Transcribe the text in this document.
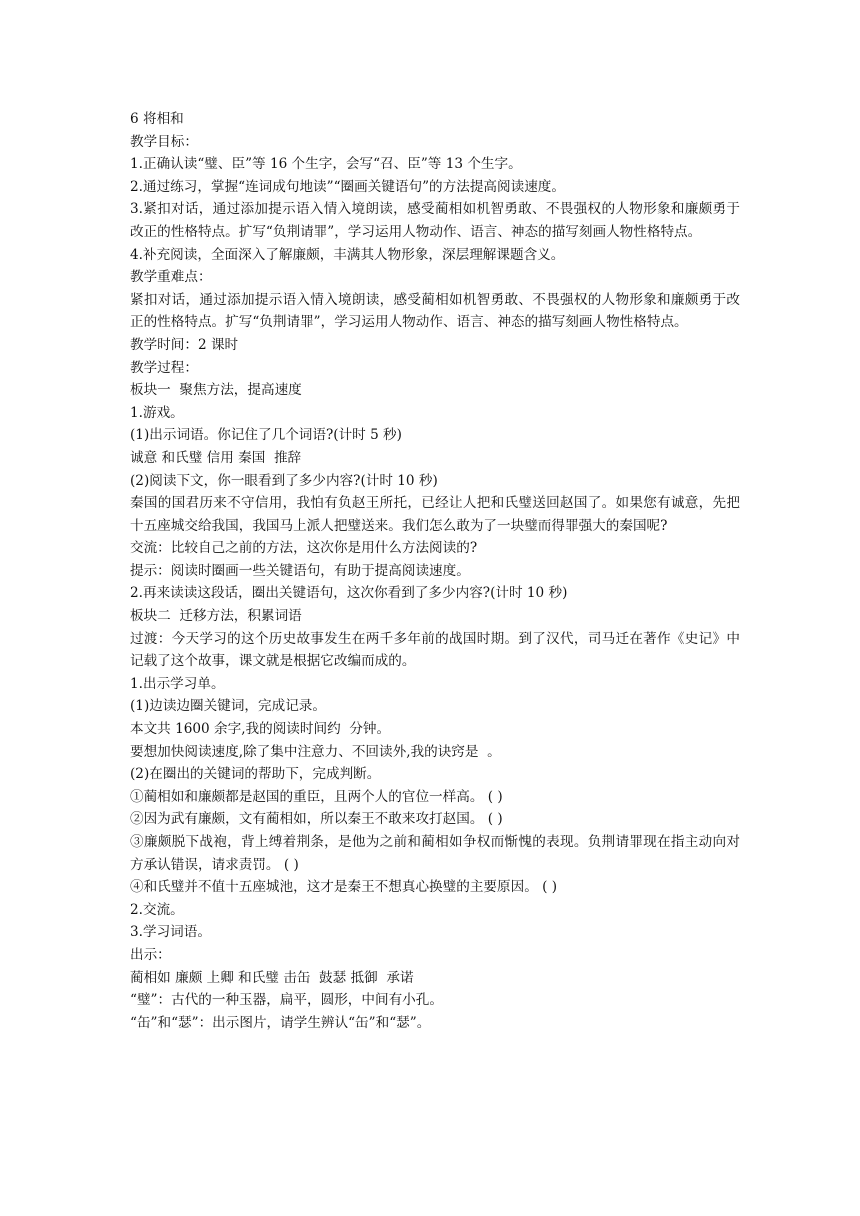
6 将相和
教学目标：
1.正确认读“璧、臣”等 16 个生字，会写“召、臣”等 13 个生字。
2.通过练习，掌握“连词成句地读”“圈画关键语句”的方法提高阅读速度。
3.紧扣对话，通过添加提示语入情入境朗读，感受蔺相如机智勇敢、不畏强权的人物形象和廉颇勇于改正的性格特点。扩写“负荆请罪”，学习运用人物动作、语言、神态的描写刻画人物性格特点。
4.补充阅读，全面深入了解廉颇，丰满其人物形象，深层理解课题含义。
教学重难点：
紧扣对话，通过添加提示语入情入境朗读，感受蔺相如机智勇敢、不畏强权的人物形象和廉颇勇于改正的性格特点。扩写“负荆请罪”，学习运用人物动作、语言、神态的描写刻画人物性格特点。
教学时间：2 课时
教学过程：
板块一  聚焦方法，提高速度
1.游戏。
(1)出示词语。你记住了几个词语?(计时 5 秒)
诚意 和氏璧 信用 秦国  推辞
(2)阅读下文，你一眼看到了多少内容?(计时 10 秒)
秦国的国君历来不守信用，我怕有负赵王所托，已经让人把和氏璧送回赵国了。如果您有诚意，先把十五座城交给我国，我国马上派人把璧送来。我们怎么敢为了一块璧而得罪强大的秦国呢?
交流：比较自己之前的方法，这次你是用什么方法阅读的?
提示：阅读时圈画一些关键语句，有助于提高阅读速度。
2.再来读读这段话，圈出关键语句，这次你看到了多少内容?(计时 10 秒)
板块二  迁移方法，积累词语
过渡：今天学习的这个历史故事发生在两千多年前的战国时期。到了汉代，司马迁在著作《史记》中记载了这个故事，课文就是根据它改编而成的。
1.出示学习单。
(1)边读边圈关键词，完成记录。
本文共 1600 余字,我的阅读时间约  分钟。
要想加快阅读速度,除了集中注意力、不回读外,我的诀窍是  。
(2)在圈出的关键词的帮助下，完成判断。
①蔺相如和廉颇都是赵国的重臣，且两个人的官位一样高。 ( )
②因为武有廉颇，文有蔺相如，所以秦王不敢来攻打赵国。 ( )
③廉颇脱下战袍，背上缚着荆条，是他为之前和蔺相如争权而惭愧的表现。负荆请罪现在指主动向对方承认错误，请求责罚。 ( )
④和氏璧并不值十五座城池，这才是秦王不想真心换璧的主要原因。 ( )
2.交流。
3.学习词语。
出示：
蔺相如 廉颇 上卿 和氏璧 击缶  鼓瑟 抵御  承诺
“璧”：古代的一种玉器，扁平，圆形，中间有小孔。
“缶”和“瑟”：出示图片，请学生辨认“缶”和“瑟”。
